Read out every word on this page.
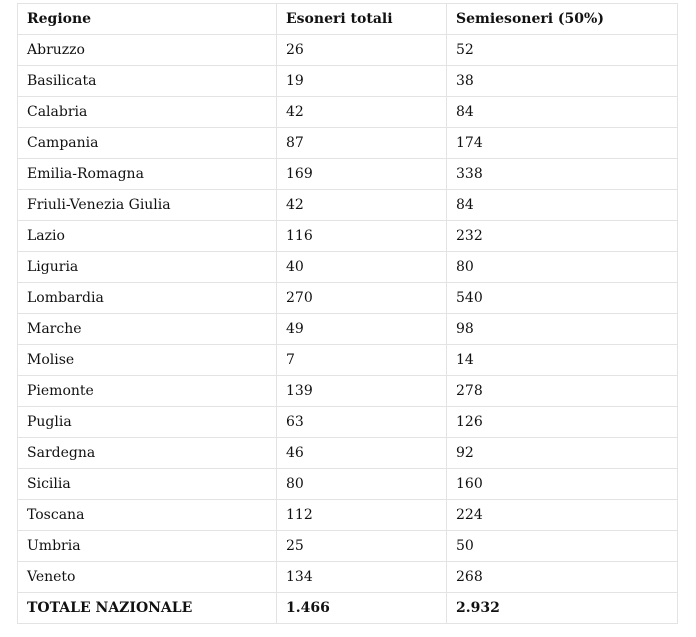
Regione	Esoneri totali	Semiesoneri (50%)
Abruzzo	26	52
Basilicata	19	38
Calabria	42	84
Campania	87	174
Emilia-Romagna	169	338
Friuli-Venezia Giulia	42	84
Lazio	116	232
Liguria	40	80
Lombardia	270	540
Marche	49	98
Molise	7	14
Piemonte	139	278
Puglia	63	126
Sardegna	46	92
Sicilia	80	160
Toscana	112	224
Umbria	25	50
Veneto	134	268
TOTALE NAZIONALE	1.466	2.932
